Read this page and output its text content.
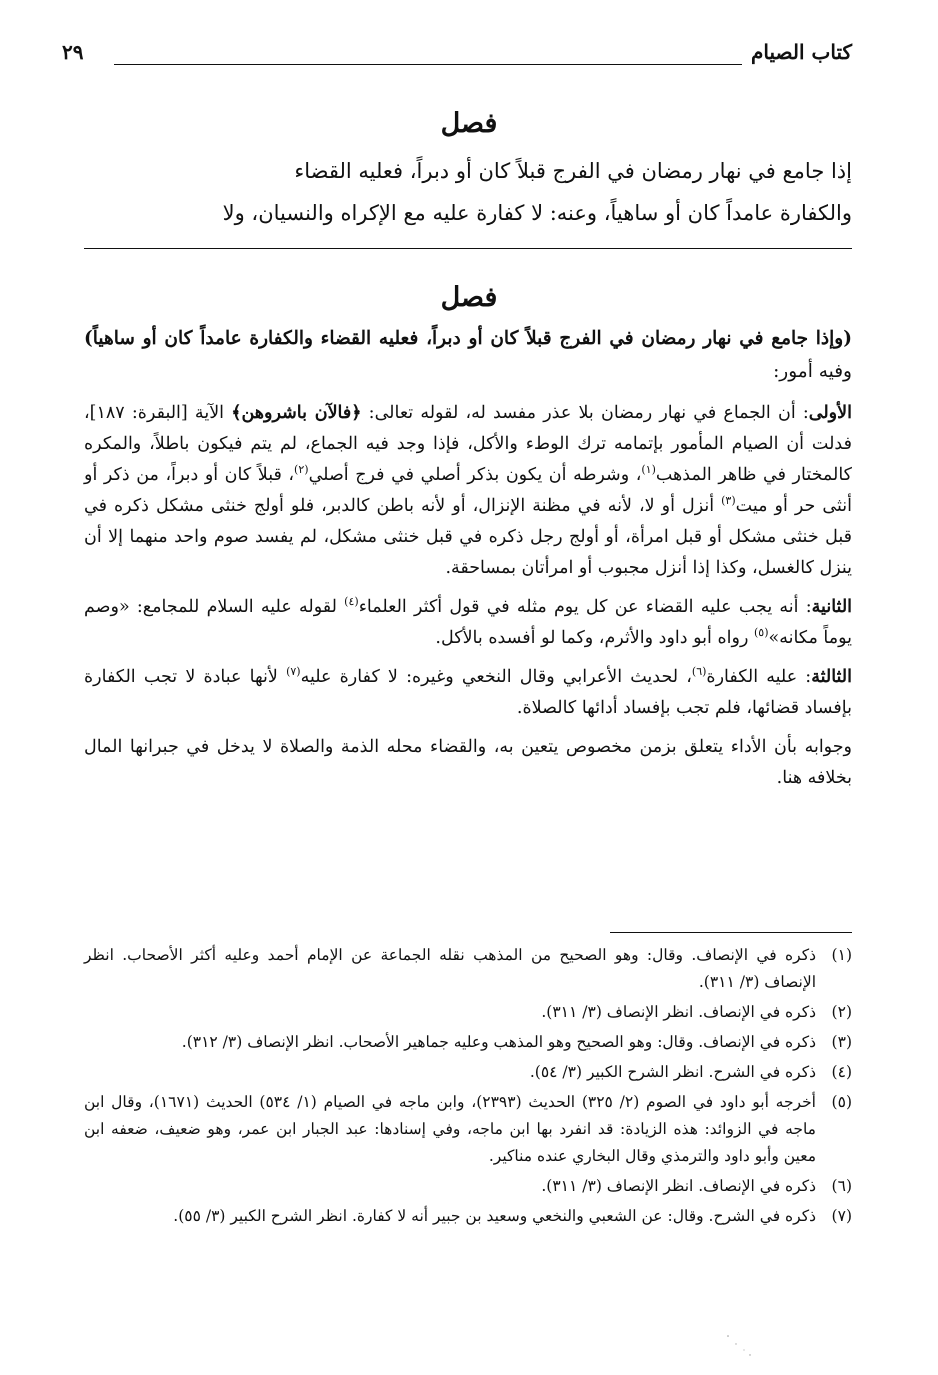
كتاب الصيام
٢٩
فصل

إذا جامع في نهار رمضان في الفرج قبلاً كان أو دبراً، فعليه القضاء

والكفارة عامداً كان أو ساهياً، وعنه: لا كفارة عليه مع الإكراه والنسيان، ولا

فصل

(وإذا جامع في نهار رمضان في الفرج قبلاً كان أو دبراً، فعليه القضاء والكفارة عامداً كان أو ساهياً) وفيه أمور:

الأولى: أن الجماع في نهار رمضان بلا عذر مفسد له، لقوله تعالى: ﴿فالآن باشروهن﴾ الآية [البقرة: ١٨٧]، فدلت أن الصيام المأمور بإتمامه ترك الوطء والأكل، فإذا وجد فيه الجماع، لم يتم فيكون باطلاً، والمكره كالمختار في ظاهر المذهب$^{(١)}$، وشرطه أن يكون بذكر أصلي في فرج أصلي$^{(٢)}$، قبلاً كان أو دبراً، من ذكر أو أنثى حر أو ميت$^{(٣)}$ أنزل أو لا، لأنه في مظنة الإنزال، أو لأنه باطن كالدبر، فلو أولج خنثى مشكل ذكره في قبل خنثى مشكل أو قبل امرأة، أو أولج رجل ذكره في قبل خنثى مشكل، لم يفسد صوم واحد منهما إلا أن ينزل كالغسل، وكذا إذا أنزل مجبوب أو امرأتان بمساحقة.

الثانية: أنه يجب عليه القضاء عن كل يوم مثله في قول أكثر العلماء$^{(٤)}$ لقوله عليه السلام للمجامع: «وصم يوماً مكانه»$^{(٥)}$ رواه أبو داود والأثرم، وكما لو أفسده بالأكل.

الثالثة: عليه الكفارة$^{(٦)}$، لحديث الأعرابي وقال النخعي وغيره: لا كفارة عليه$^{(٧)}$ لأنها عبادة لا تجب الكفارة بإفساد قضائها، فلم تجب بإفساد أدائها كالصلاة.

وجوابه بأن الأداء يتعلق بزمن مخصوص يتعين به، والقضاء محله الذمة والصلاة لا يدخل في جبرانها المال بخلافه هنا.

(١)
ذكره في الإنصاف. وقال: وهو الصحيح من المذهب نقله الجماعة عن الإمام أحمد وعليه أكثر الأصحاب. انظر الإنصاف (٣/ ٣١١).
(٢)
ذكره في الإنصاف. انظر الإنصاف (٣/ ٣١١).
(٣)
ذكره في الإنصاف. وقال: وهو الصحيح وهو المذهب وعليه جماهير الأصحاب. انظر الإنصاف (٣/ ٣١٢).
(٤)
ذكره في الشرح. انظر الشرح الكبير (٣/ ٥٤).
(٥)
أخرجه أبو داود في الصوم (٢/ ٣٢٥) الحديث (٢٣٩٣)، وابن ماجه في الصيام (١/ ٥٣٤) الحديث (١٦٧١)، وقال ابن ماجه في الزوائد: هذه الزيادة: قد انفرد بها ابن ماجه، وفي إسنادها: عبد الجبار ابن عمر، وهو ضعيف، ضعفه ابن معين وأبو داود والترمذي وقال البخاري عنده مناكير.
(٦)
ذكره في الإنصاف. انظر الإنصاف (٣/ ٣١١).
(٧)
ذكره في الشرح. وقال: عن الشعبي والنخعي وسعيد بن جبير أنه لا كفارة. انظر الشرح الكبير (٣/ ٥٥).
